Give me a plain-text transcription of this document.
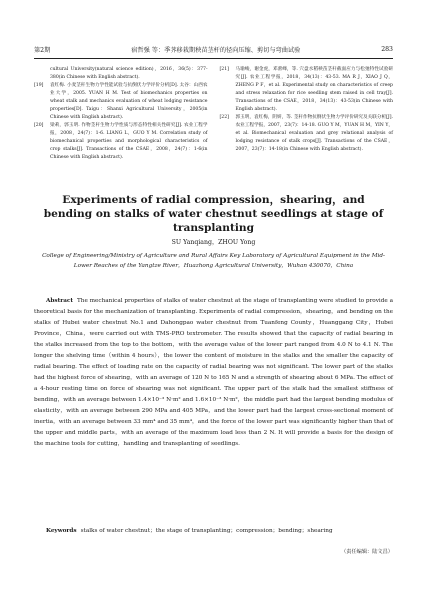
第2期	宿哲强 等：季荠移栽期秧苗茎杆的径向压缩、剪切与弯曲试验	283
cultural University(natural science edition)，2016，36(5)：377-380(in Chinese with English abstract).
[19]	袁红梅. 小麦茎秆生物力学性能试验与抗倒伏力学评价分析[D]. 太谷：山西农业大学，2005. YUAN H M. Test of biomechanics properties on wheat stalk and mechanics evaluation of wheat lodging resistance properties[D]. Taigu：Shanxi Agricultural University，2005(in Chinese with English abstract).
[20]	梁莉，郭玉明. 作物茎秆生物力学性质与形态特性相关性研究[J]. 农业工程学报，2008，24(7)：1-6. LIANG L，GUO Y M. Correlation study of biomechanical properties and morphological characteristics of crop stalks[J]. Transactions of the CSAE，2008，24(7)：1-6(in Chinese with English abstract).
[21]	马瑜峻，谢金虎，邓蕾峰，等. 穴盘水稻秧苗茎秆截面应力与松弛特性试验研究[J]. 农业工程学报，2018，34(13)：43-53. MA R J，XIAO J Q，ZHENG P F，et al. Experimental study on characteristics of creep and stress relaxation for rice seedling stem raised in cell tray[J]. Transactions of the CSAE，2018，34(13)：43-53(in Chinese with English abstract).
[22]	郭玉明，袁红梅，阴妍，等. 茎秆作物抗倒伏生物力学评价研究及关联分析[J]. 农业工程学报，2007，23(7)：14-18. GUO Y M，YUAN H M，YIN Y，et al. Biomechanical evaluation and grey relational analysis of lodging resistance of stalk crops[J]. Transactions of the CSAE，2007，23(7)：14-18(in Chinese with English abstract).
Experiments of radial compression，shearing，and bending on stalks of water chestnut seedlings at stage of transplanting
SU Yanqiang，ZHOU Yong
College of Engineering/Ministry of Agriculture and Rural Affairs Key Laboratory of Agricultural Equipment in the Mid-Lower Reaches of the Yangtze River，Huazhong Agricultural University，Wuhan 430070，China
Abstract The mechanical properties of stalks of water chestnut at the stage of transplanting were studied to provide a theoretical basis for the mechanization of transplanting. Experiments of radial compression，shearing，and bending on the stalks of Hubei water chestnut No.1 and Dahongpao water chestnut from Tuanfeng County，Huanggang City，Hubei Province，China，were carried out with TMS-PRO textrometer. The results showed that the capacity of radial bearing in the stalks increased from the top to the bottom，with the average value of the lower part ranged from 4.0 N to 4.1 N. The longer the shelving time（within 4 hours），the lower the content of moisture in the stalks and the smaller the capacity of radial bearing. The effect of loading rate on the capacity of radial bearing was not significant. The lower part of the stalks had the highest force of shearing，with an average of 120 N to 165 N and a strength of shearing about 6 MPa. The effect of a 4-hour resting time on force of shearing was not significant. The upper part of the stalk had the smallest stiffness of bending，with an average between 1.4×10⁻³ N·m² and 1.6×10⁻³ N·m²，the middle part had the largest bending modulus of elasticity，with an average between 290 MPa and 405 MPa，and the lower part had the largest cross-sectional moment of inertia，with an average between 33 mm⁴ and 35 mm⁴，and the force of the lower part was significantly higher than that of the upper and middle parts，with an average of the maximum load less than 2 N. It will provide a basis for the design of the machine tools for cutting，handling and transplanting of seedlings.
Keywords stalks of water chestnut；the stage of transplanting；compression；bending；shearing
（责任编辑：陆文昌）
